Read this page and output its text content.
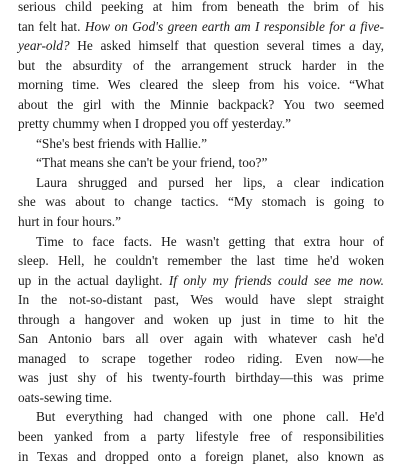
serious child peeking at him from beneath the brim of his
tan felt hat. How on God's green earth am I responsible for a five-
year-old? He asked himself that question several times a day,
but the absurdity of the arrangement struck harder in the
morning time. Wes cleared the sleep from his voice. “What
about the girl with the Minnie backpack? You two seemed
pretty chummy when I dropped you off yesterday.”
“She's best friends with Hallie.”
“That means she can't be your friend, too?”
Laura shrugged and pursed her lips, a clear indication
she was about to change tactics. “My stomach is going to
hurt in four hours.”
Time to face facts. He wasn't getting that extra hour of
sleep. Hell, he couldn't remember the last time he'd woken
up in the actual daylight. If only my friends could see me now.
In the not-so-distant past, Wes would have slept straight
through a hangover and woken up just in time to hit the
San Antonio bars all over again with whatever cash he'd
managed to scrape together rodeo riding. Even now—he
was just shy of his twenty-fourth birthday—this was prime
oats-sewing time.
But everything had changed with one phone call. He'd
been yanked from a party lifestyle free of responsibilities
in Texas and dropped onto a foreign planet, also known as
